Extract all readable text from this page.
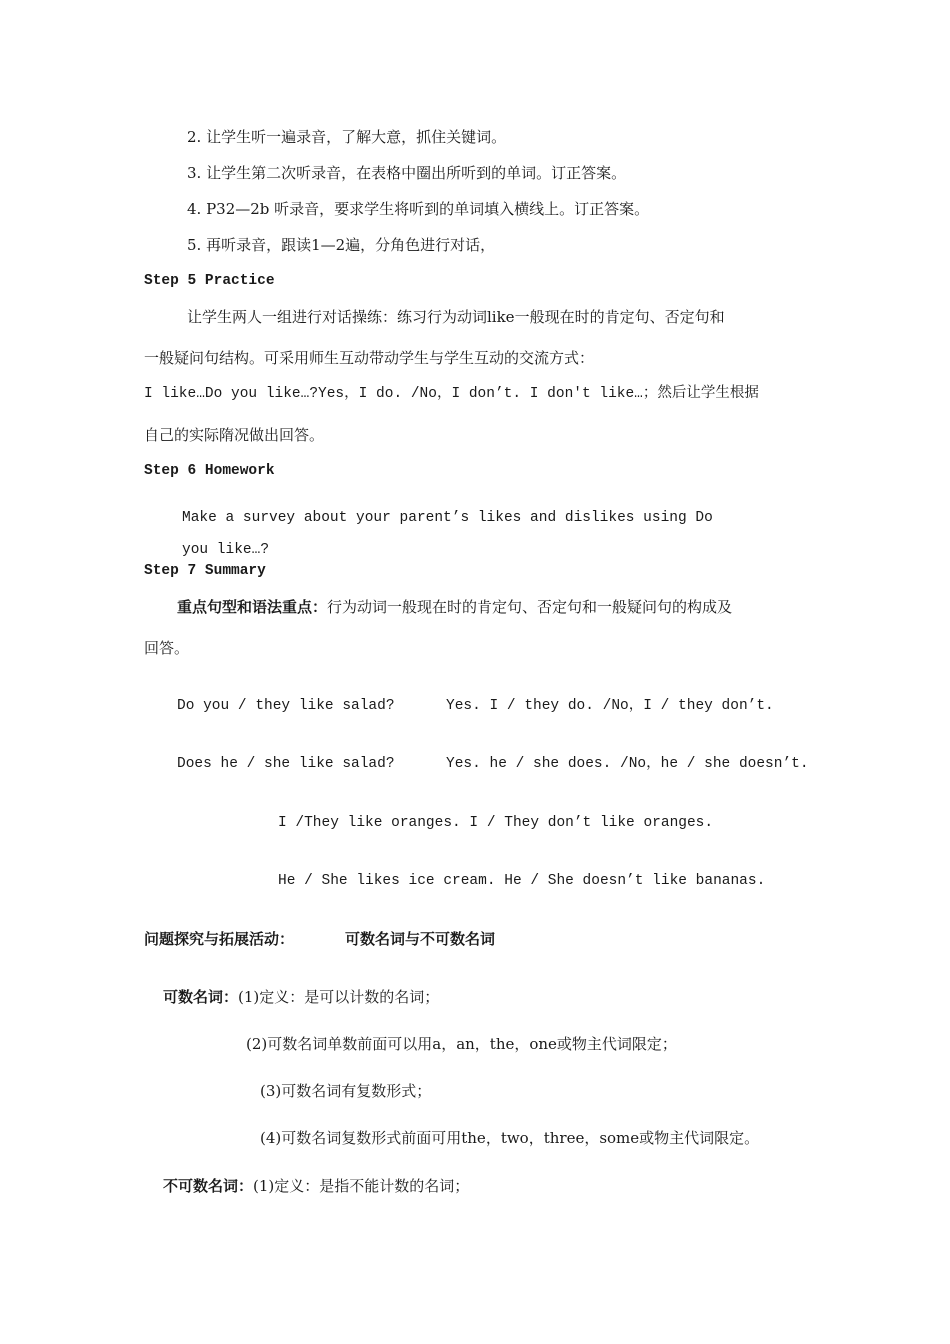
2. 让学生听一遍录音，了解大意，抓住关键词。
3. 让学生第二次听录音，在表格中圈出所听到的单词。订正答案。
4. P32—2b 听录音，要求学生将听到的单词填入横线上。订正答案。
5. 再听录音，跟读1—2遍，分角色进行对话，
Step 5 Practice
让学生两人一组进行对话操练：练习行为动词like一般现在时的肯定句、否定句和
一般疑问句结构。可采用师生互动带动学生与学生互动的交流方式：
I like…Do you like…?Yes，I do. /No，I don’t. I don't like…；然后让学生根据
自己的实际隋况做出回答。
Step 6 Homework
Make a survey about your parent’s likes and dislikes using Do
you like…?
Step 7 Summary
重点句型和语法重点：行为动词一般现在时的肯定句、否定句和一般疑问句的构成及
回答。
Do you / they like salad?	Yes. I / they do. /No，I / they don’t.
Does he / she like salad?	Yes. he / she does. /No，he / she doesn’t.
I /They like oranges. I / They don’t like oranges.
He / She likes ice cream. He / She doesn’t like bananas.
问题探究与拓展活动：	可数名词与不可数名词
可数名词：(1)定义：是可以计数的名词；
(2)可数名词单数前面可以用a，an，the，one或物主代词限定；
(3)可数名词有复数形式；
(4)可数名词复数形式前面可用the，two，three，some或物主代词限定。
不可数名词：(1)定义：是指不能计数的名词；
